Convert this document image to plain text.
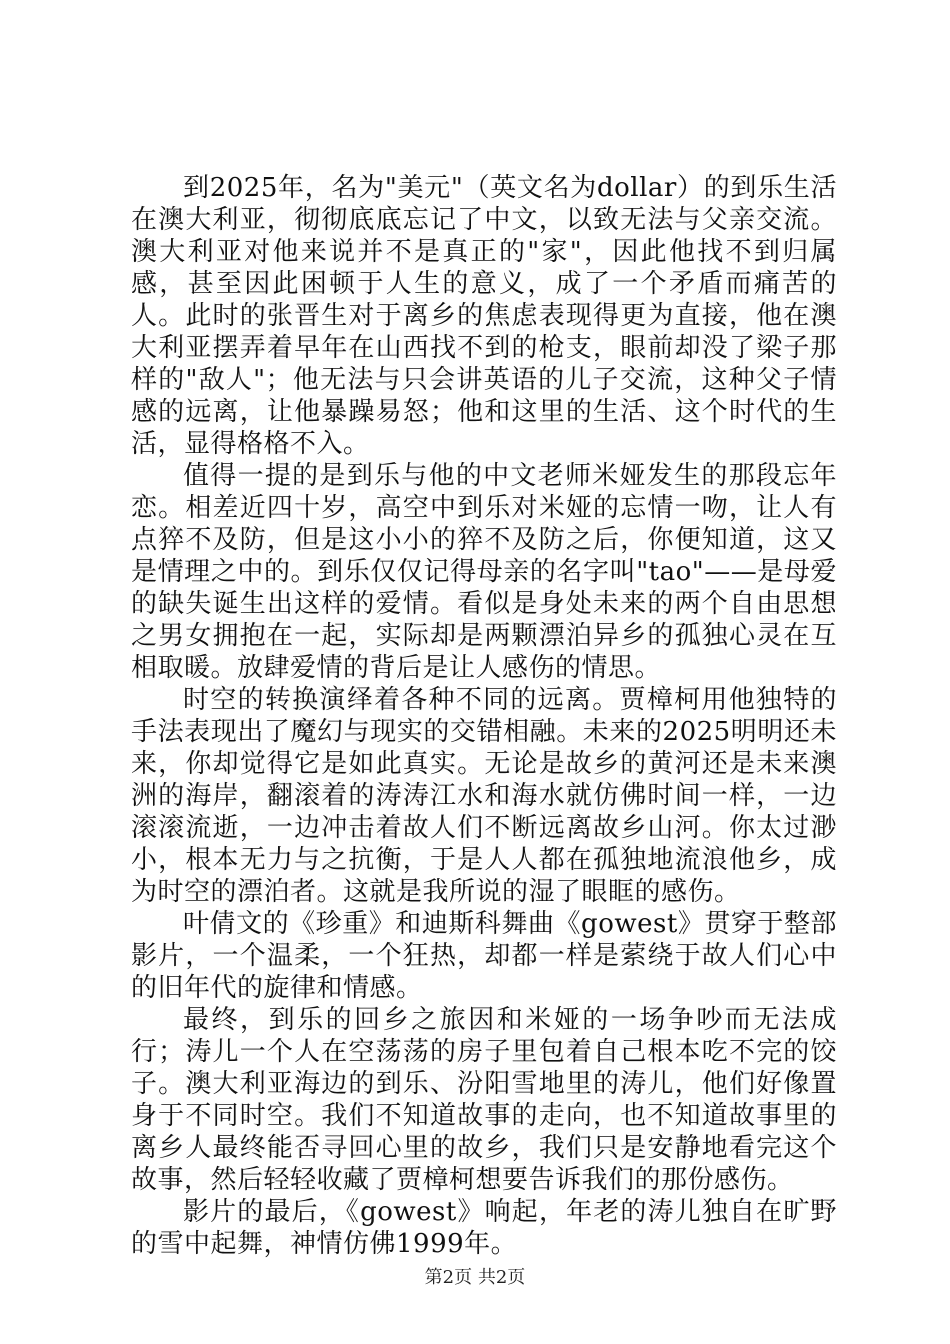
到2025年，名为"美元"（英文名为dollar）的到乐生活在澳大利亚，彻彻底底忘记了中文，以致无法与父亲交流。澳大利亚对他来说并不是真正的"家"，因此他找不到归属感，甚至因此困顿于人生的意义，成了一个矛盾而痛苦的人。此时的张晋生对于离乡的焦虑表现得更为直接，他在澳大利亚摆弄着早年在山西找不到的枪支，眼前却没了梁子那样的"敌人"；他无法与只会讲英语的儿子交流，这种父子情感的远离，让他暴躁易怒；他和这里的生活、这个时代的生活，显得格格不入。

值得一提的是到乐与他的中文老师米娅发生的那段忘年恋。相差近四十岁，高空中到乐对米娅的忘情一吻，让人有点猝不及防，但是这小小的猝不及防之后，你便知道，这又是情理之中的。到乐仅仅记得母亲的名字叫"tao"——是母爱的缺失诞生出这样的爱情。看似是身处未来的两个自由思想之男女拥抱在一起，实际却是两颗漂泊异乡的孤独心灵在互相取暖。放肆爱情的背后是让人感伤的情思。

时空的转换演绎着各种不同的远离。贾樟柯用他独特的手法表现出了魔幻与现实的交错相融。未来的2025明明还未来，你却觉得它是如此真实。无论是故乡的黄河还是未来澳洲的海岸，翻滚着的涛涛江水和海水就仿佛时间一样，一边滚滚流逝，一边冲击着故人们不断远离故乡山河。你太过渺小，根本无力与之抗衡，于是人人都在孤独地流浪他乡，成为时空的漂泊者。这就是我所说的湿了眼眶的感伤。

叶倩文的《珍重》和迪斯科舞曲《gowest》贯穿于整部影片，一个温柔，一个狂热，却都一样是萦绕于故人们心中的旧年代的旋律和情感。

最终，到乐的回乡之旅因和米娅的一场争吵而无法成行；涛儿一个人在空荡荡的房子里包着自己根本吃不完的饺子。澳大利亚海边的到乐、汾阳雪地里的涛儿，他们好像置身于不同时空。我们不知道故事的走向，也不知道故事里的离乡人最终能否寻回心里的故乡，我们只是安静地看完这个故事，然后轻轻收藏了贾樟柯想要告诉我们的那份感伤。

影片的最后，《gowest》响起，年老的涛儿独自在旷野的雪中起舞，神情仿佛1999年。

第2页 共2页
